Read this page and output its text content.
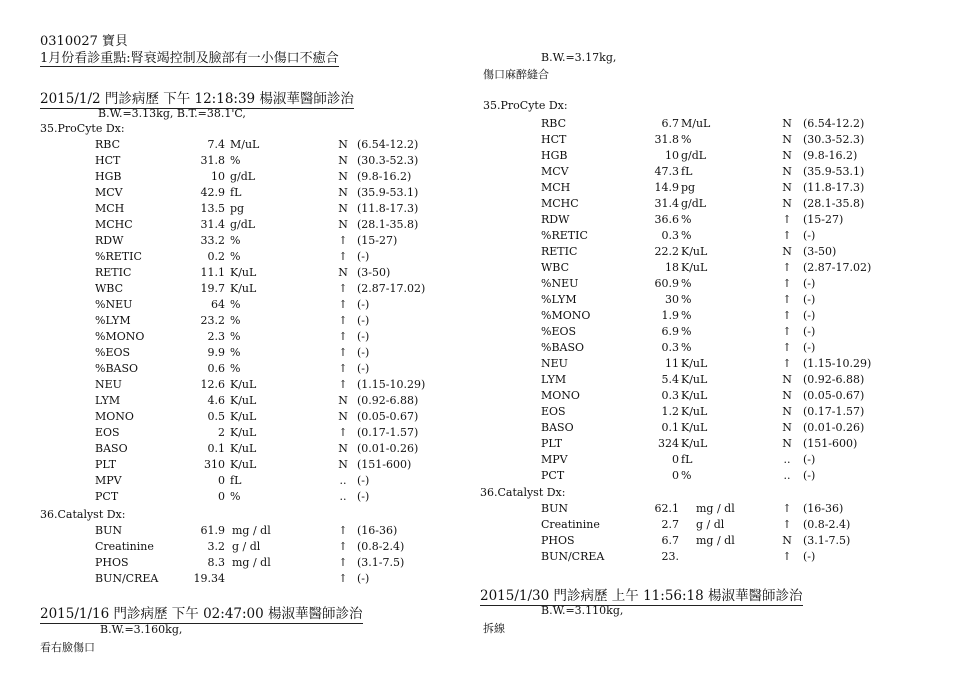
0310027 寶貝
1月份看診重點:腎衰竭控制及臉部有一小傷口不癒合
2015/1/2 門診病歷 下午 12:18:39 楊淑華醫師診治
B.W.=3.13kg, B.T.=38.1'C,
35.ProCyte Dx:
RBC	7.4 M/uL	N (6.54-12.2)
HCT	31.8 %	N (30.3-52.3)
HGB	10 g/dL	N (9.8-16.2)
MCV	42.9 fL	N (35.9-53.1)
MCH	13.5 pg	N (11.8-17.3)
MCHC	31.4 g/dL	N (28.1-35.8)
RDW	33.2 %	↑ (15-27)
%RETIC	0.2 %	↑ (-)
RETIC	11.1 K/uL	N (3-50)
WBC	19.7 K/uL	↑ (2.87-17.02)
%NEU	64 %	↑ (-)
%LYM	23.2 %	↑ (-)
%MONO	2.3 %	↑ (-)
%EOS	9.9 %	↑ (-)
%BASO	0.6 %	↑ (-)
NEU	12.6 K/uL	↑ (1.15-10.29)
LYM	4.6 K/uL	N (0.92-6.88)
MONO	0.5 K/uL	N (0.05-0.67)
EOS	2 K/uL	↑ (0.17-1.57)
BASO	0.1 K/uL	N (0.01-0.26)
PLT	310 K/uL	N (151-600)
MPV	0 fL	.. (-)
PCT	0 %	.. (-)
36.Catalyst Dx:
BUN	61.9 mg / dl	↑ (16-36)
Creatinine	3.2 g / dl	↑ (0.8-2.4)
PHOS	8.3 mg / dl	↑ (3.1-7.5)
BUN/CREA	19.34	↑ (-)
2015/1/16 門診病歷 下午 02:47:00 楊淑華醫師診治
B.W.=3.160kg,
看右臉傷口
B.W.=3.17kg,
傷口麻醉縫合
35.ProCyte Dx:
RBC	6.7 M/uL	N (6.54-12.2)
HCT	31.8 %	N (30.3-52.3)
HGB	10 g/dL	N (9.8-16.2)
MCV	47.3 fL	N (35.9-53.1)
MCH	14.9 pg	N (11.8-17.3)
MCHC	31.4 g/dL	N (28.1-35.8)
RDW	36.6 %	↑	(15-27)
%RETIC	0.3 %	↑	(-)
RETIC	22.2 K/uL	N (3-50)
WBC	18 K/uL	↑	(2.87-17.02)
%NEU	60.9 %	↑	(-)
%LYM	30 %	↑	(-)
%MONO	1.9 %	↑	(-)
%EOS	6.9 %	↑	(-)
%BASO	0.3 %	↑	(-)
NEU	11 K/uL	↑	(1.15-10.29)
LYM	5.4 K/uL	N (0.92-6.88)
MONO	0.3 K/uL	N (0.05-0.67)
EOS	1.2 K/uL	N (0.17-1.57)
BASO	0.1 K/uL	N (0.01-0.26)
PLT	324 K/uL	N (151-600)
MPV	0 fL	..	(-)
PCT	0 %	..	(-)
36.Catalyst Dx:
BUN	62.1 mg / dl	↑	(16-36)
Creatinine	2.7 g / dl	↑	(0.8-2.4)
PHOS	6.7 mg / dl	N (3.1-7.5)
BUN/CREA	23.	↑	(-)
2015/1/30 門診病歷 上午 11:56:18 楊淑華醫師診治
B.W.=3.110kg,
拆線
